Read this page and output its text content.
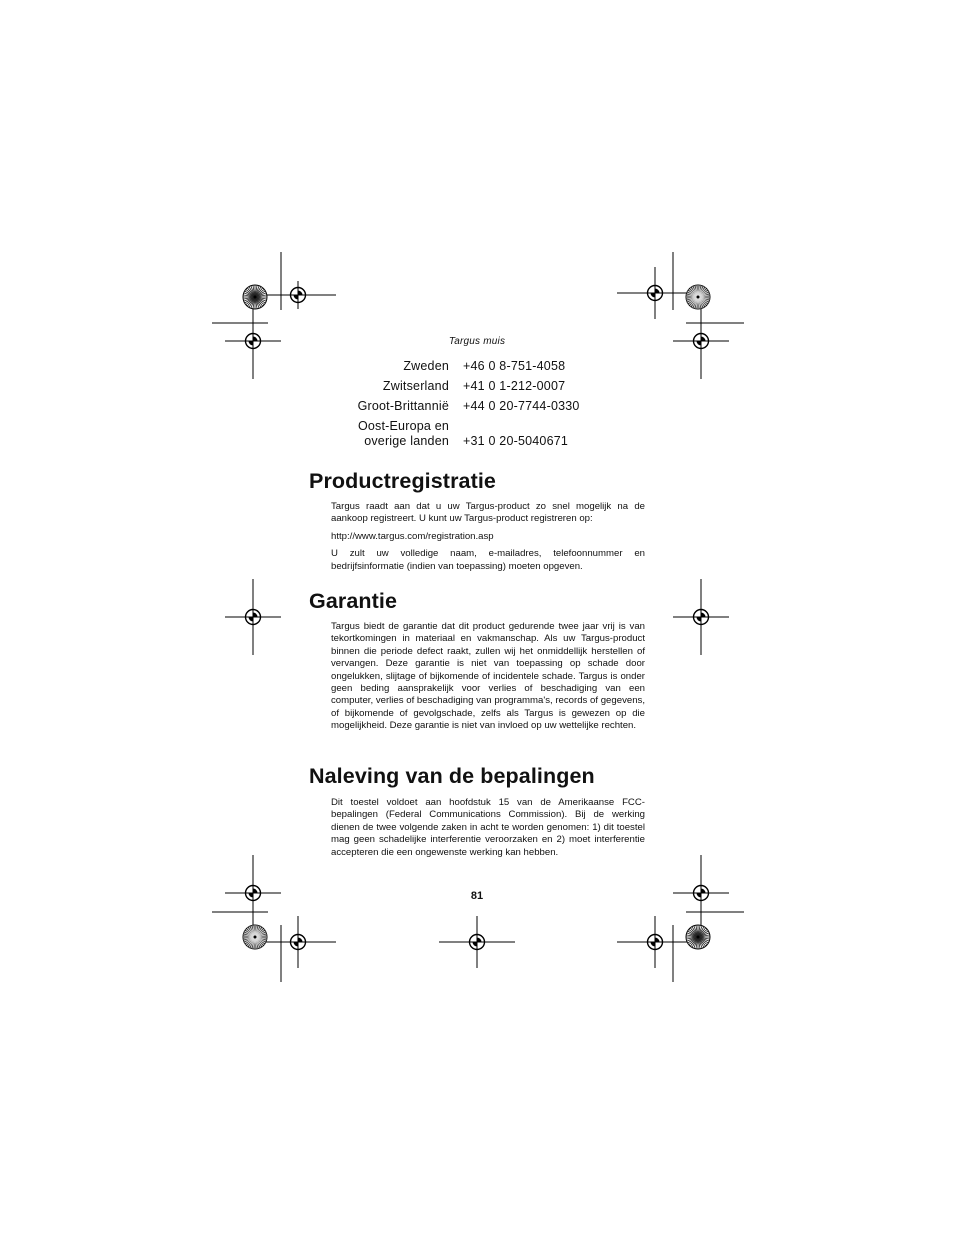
Targus muis
Zweden	+46 0 8-751-4058
Zwitserland	+41 0 1-212-0007
Groot-Brittannië	+44 0 20-7744-0330
Oost-Europa en
overige landen +31 0 20-5040671
Productregistratie

Targus raadt aan dat u uw Targus-product zo snel mogelijk na de aankoop registreert. U kunt uw Targus-product registreren op:

http://www.targus.com/registration.asp

U zult uw volledige naam, e-mailadres, telefoonnummer en bedrijfsinformatie (indien van toepassing) moeten opgeven.

Garantie

Targus biedt de garantie dat dit product gedurende twee jaar vrij is van tekortkomingen in materiaal en vakmanschap. Als uw Targus-product binnen die periode defect raakt, zullen wij het onmiddellijk herstellen of vervangen. Deze garantie is niet van toepassing op schade door ongelukken, slijtage of bijkomende of incidentele schade. Targus is onder geen beding aansprakelijk voor verlies of beschadiging van een computer, verlies of beschadiging van programma's, records of gegevens, of bijkomende of gevolgschade, zelfs als Targus is gewezen op die mogelijkheid. Deze garantie is niet van invloed op uw wettelijke rechten.

Naleving van de bepalingen

Dit toestel voldoet aan hoofdstuk 15 van de Amerikaanse FCC-bepalingen (Federal Communications Commission). Bij de werking dienen de twee volgende zaken in acht te worden genomen: 1) dit toestel mag geen schadelijke interferentie veroorzaken en 2) moet interferentie accepteren die een ongewenste werking kan hebben.

81
